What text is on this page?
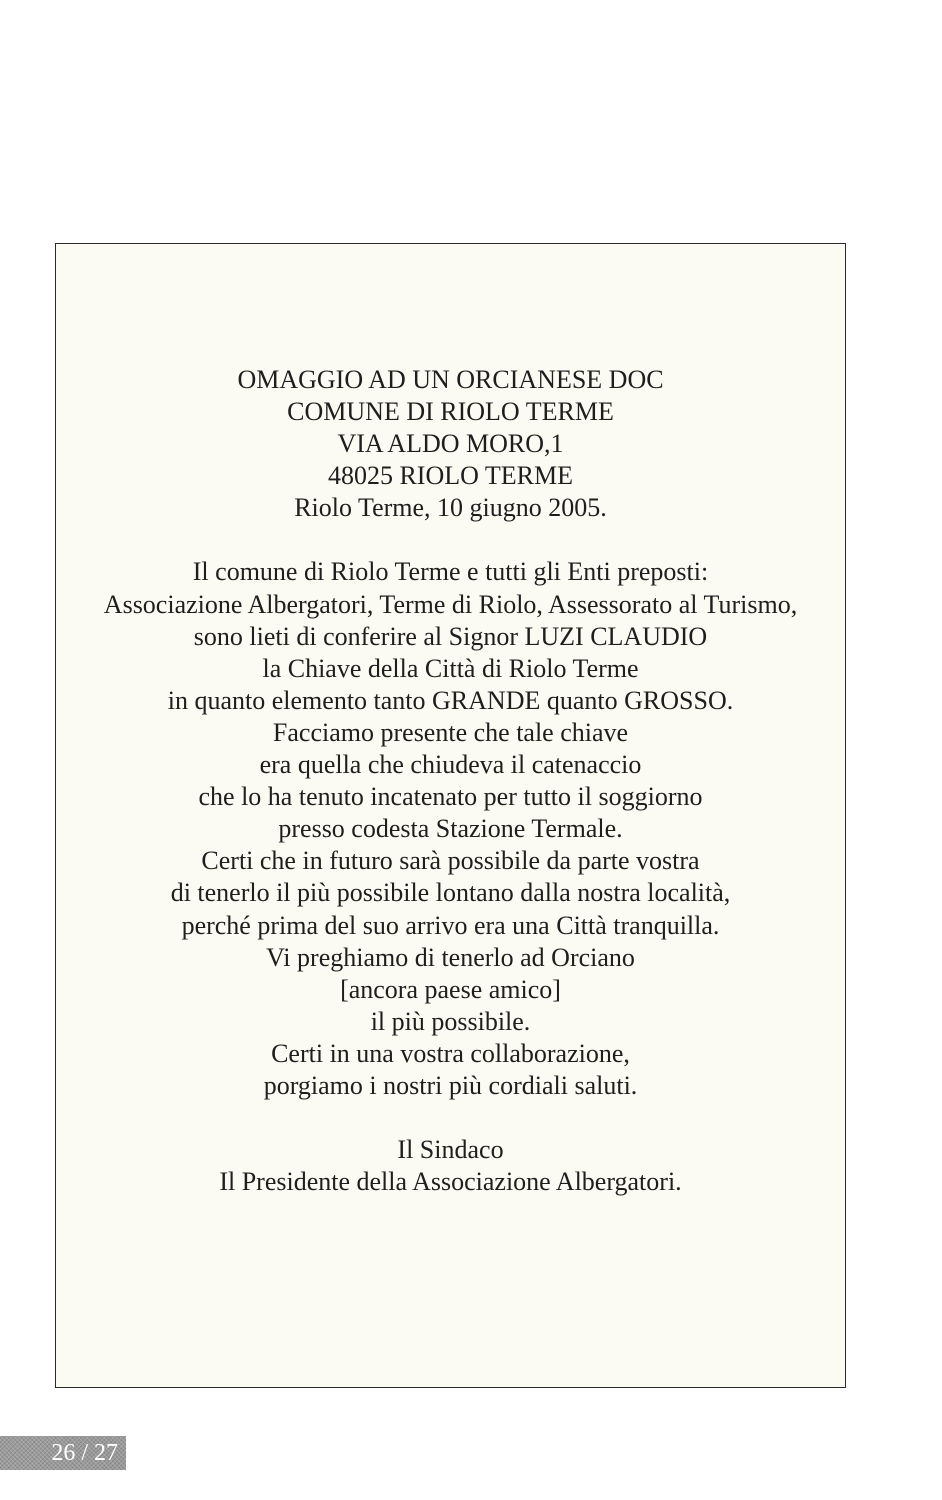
OMAGGIO AD UN ORCIANESE DOC
COMUNE DI RIOLO TERME
VIA ALDO MORO,1
48025 RIOLO TERME
Riolo Terme, 10 giugno 2005.
Il comune di Riolo Terme e tutti gli Enti preposti:
Associazione Albergatori, Terme di Riolo, Assessorato al Turismo,
sono lieti di conferire al Signor LUZI CLAUDIO
la Chiave della Città di Riolo Terme
in quanto elemento tanto GRANDE quanto GROSSO.
Facciamo presente che tale chiave
era quella che chiudeva il catenaccio
che lo ha tenuto incatenato per tutto il soggiorno
presso codesta Stazione Termale.
Certi che in futuro sarà possibile da parte vostra
di tenerlo il più possibile lontano dalla nostra località,
perché prima del suo arrivo era una Città tranquilla.
Vi preghiamo di tenerlo ad Orciano
[ancora paese amico]
il più possibile.
Certi in una vostra collaborazione,
porgiamo i nostri più cordiali saluti.
Il Sindaco
Il Presidente della Associazione Albergatori.
26 / 27
